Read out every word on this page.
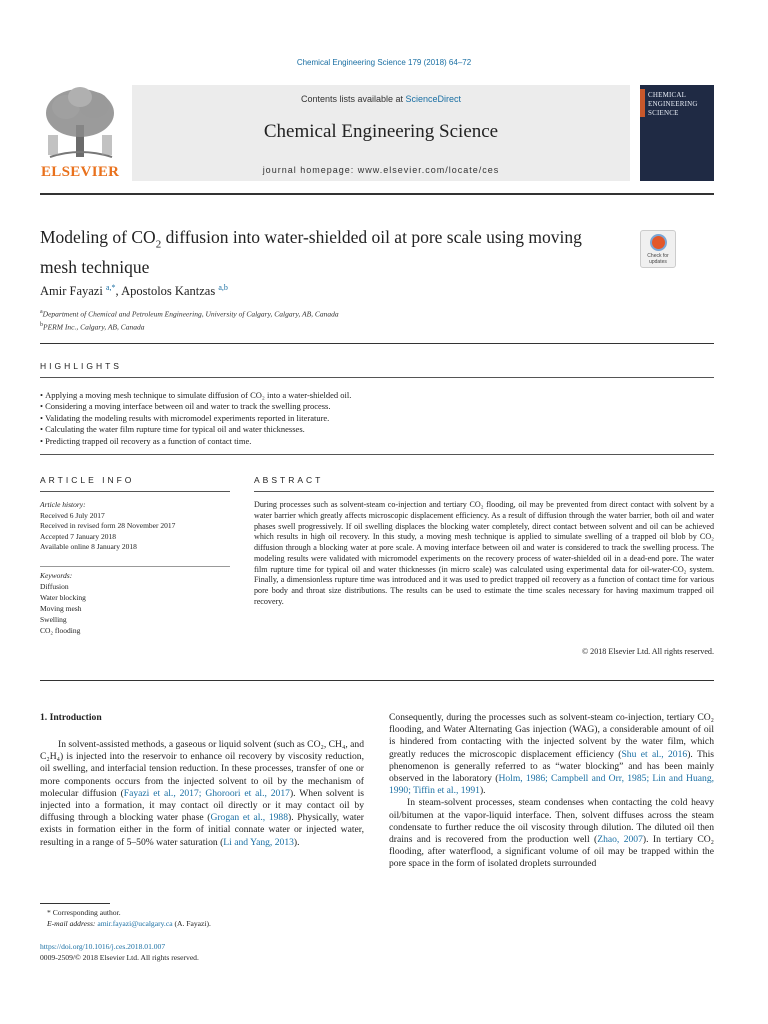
Chemical Engineering Science 179 (2018) 64–72
ELSEVIER
Contents lists available at ScienceDirect
Chemical Engineering Science
journal homepage: www.elsevier.com/locate/ces
CHEMICAL ENGINEERING SCIENCE
Modeling of $CO_2$ diffusion into water-shielded oil at pore scale using moving mesh technique
Check for updates
Amir Fayazi $^{a,*}$, Apostolos Kantzas $^{a,b}$
$^a$Department of Chemical and Petroleum Engineering, University of Calgary, Calgary, AB, Canada
$^b$PERM Inc., Calgary, AB, Canada
HIGHLIGHTS
• Applying a moving mesh technique to simulate diffusion of CO₂ into a water-shielded oil.
• Considering a moving interface between oil and water to track the swelling process.
• Validating the modeling results with micromodel experiments reported in literature.
• Calculating the water film rupture time for typical oil and water thicknesses.
• Predicting trapped oil recovery as a function of contact time.
ARTICLE INFO
Article history:
Received 6 July 2017
Received in revised form 28 November 2017
Accepted 7 January 2018
Available online 8 January 2018
Keywords:
Diffusion
Water blocking
Moving mesh
Swelling
CO₂ flooding
ABSTRACT
During processes such as solvent-steam co-injection and tertiary CO₂ flooding, oil may be prevented from direct contact with solvent by a water barrier which greatly affects microscopic displacement efficiency. As a result of diffusion through the water barrier, both oil and water phases swell progressively. If oil swelling displaces the blocking water completely, direct contact between solvent and oil can be achieved which results in high oil recovery. In this study, a moving mesh technique is applied to simulate swelling of a trapped oil blob by CO₂ diffusion through a blocking water at pore scale. A moving interface between oil and water is considered to track the swelling process. The modeling results were validated with micromodel experiments on the recovery process of water-shielded oil in a dead-end pore. The water film rupture time for typical oil and water thicknesses (in micro scale) was calculated using experimental data for oil-water-CO₂ system. Finally, a dimensionless rupture time was introduced and it was used to predict trapped oil recovery as a function of contact time for various pore body and throat size distributions. The results can be used to estimate the time scales necessary for having maximum trapped oil recovery.
© 2018 Elsevier Ltd. All rights reserved.
1. Introduction

In solvent-assisted methods, a gaseous or liquid solvent (such as CO₂, CH₄, and C₂H₄) is injected into the reservoir to enhance oil recovery by viscosity reduction, oil swelling, and interfacial tension reduction. In these processes, transfer of one or more components occurs from the injected solvent to oil by the mechanism of molecular diffusion (Fayazi et al., 2017; Ghoroori et al., 2017). When solvent is injected into a formation, it may contact oil directly or it may contact oil by diffusing through a blocking water phase (Grogan et al., 1988). Physically, water exists in formation either in the form of initial connate water or injected water, resulting in a range of 5–50% water saturation (Li and Yang, 2013).

Consequently, during the processes such as solvent-steam co-injection, tertiary CO₂ flooding, and Water Alternating Gas injection (WAG), a considerable amount of oil is hindered from contacting with the injected solvent by the water film, which greatly reduces the microscopic displacement efficiency (Shu et al., 2016). This phenomenon is generally referred to as “water blocking” and has been mainly observed in the laboratory (Holm, 1986; Campbell and Orr, 1985; Lin and Huang, 1990; Tiffin et al., 1991).

In steam-solvent processes, steam condenses when contacting the cold heavy oil/bitumen at the vapor-liquid interface. Then, solvent diffuses across the steam condensate to further reduce the oil viscosity through dilution. The diluted oil then drains and is recovered from the production well (Zhao, 2007). In tertiary CO₂ flooding, after waterflood, a significant volume of oil may be trapped within the pore space in the form of isolated droplets surrounded

* Corresponding author.
E-mail address: amir.fayazi@ucalgary.ca (A. Fayazi).
https://doi.org/10.1016/j.ces.2018.01.007
0009-2509/© 2018 Elsevier Ltd. All rights reserved.
